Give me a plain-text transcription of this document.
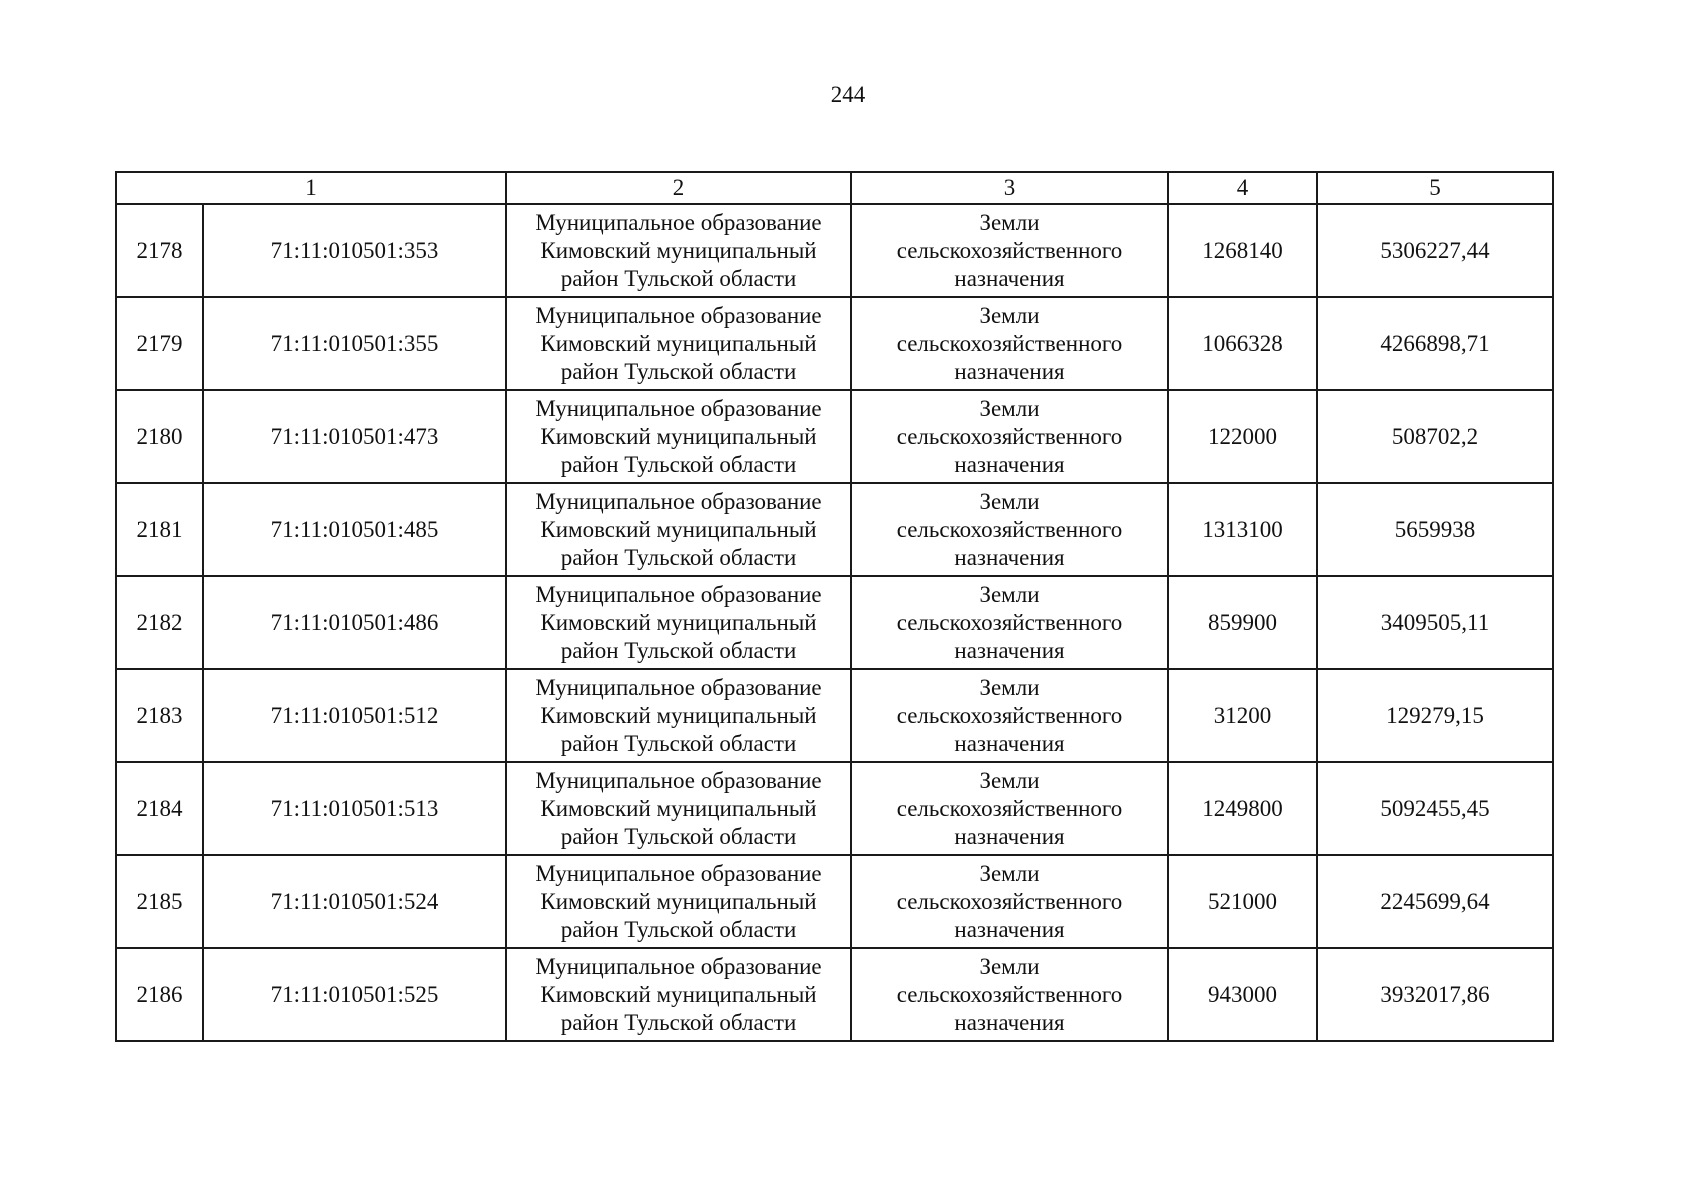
244
1		2	3	4	5
2178	71:11:010501:353	Муниципальное образование
Кимовский муниципальный
район Тульской области	Земли
сельскохозяйственного
назначения	1268140	5306227,44
2179	71:11:010501:355	Муниципальное образование
Кимовский муниципальный
район Тульской области	Земли
сельскохозяйственного
назначения	1066328	4266898,71
2180	71:11:010501:473	Муниципальное образование
Кимовский муниципальный
район Тульской области	Земли
сельскохозяйственного
назначения	122000	508702,2
2181	71:11:010501:485	Муниципальное образование
Кимовский муниципальный
район Тульской области	Земли
сельскохозяйственного
назначения	1313100	5659938
2182	71:11:010501:486	Муниципальное образование
Кимовский муниципальный
район Тульской области	Земли
сельскохозяйственного
назначения	859900	3409505,11
2183	71:11:010501:512	Муниципальное образование
Кимовский муниципальный
район Тульской области	Земли
сельскохозяйственного
назначения	31200	129279,15
2184	71:11:010501:513	Муниципальное образование
Кимовский муниципальный
район Тульской области	Земли
сельскохозяйственного
назначения	1249800	5092455,45
2185	71:11:010501:524	Муниципальное образование
Кимовский муниципальный
район Тульской области	Земли
сельскохозяйственного
назначения	521000	2245699,64
2186	71:11:010501:525	Муниципальное образование
Кимовский муниципальный
район Тульской области	Земли
сельскохозяйственного
назначения	943000	3932017,86
